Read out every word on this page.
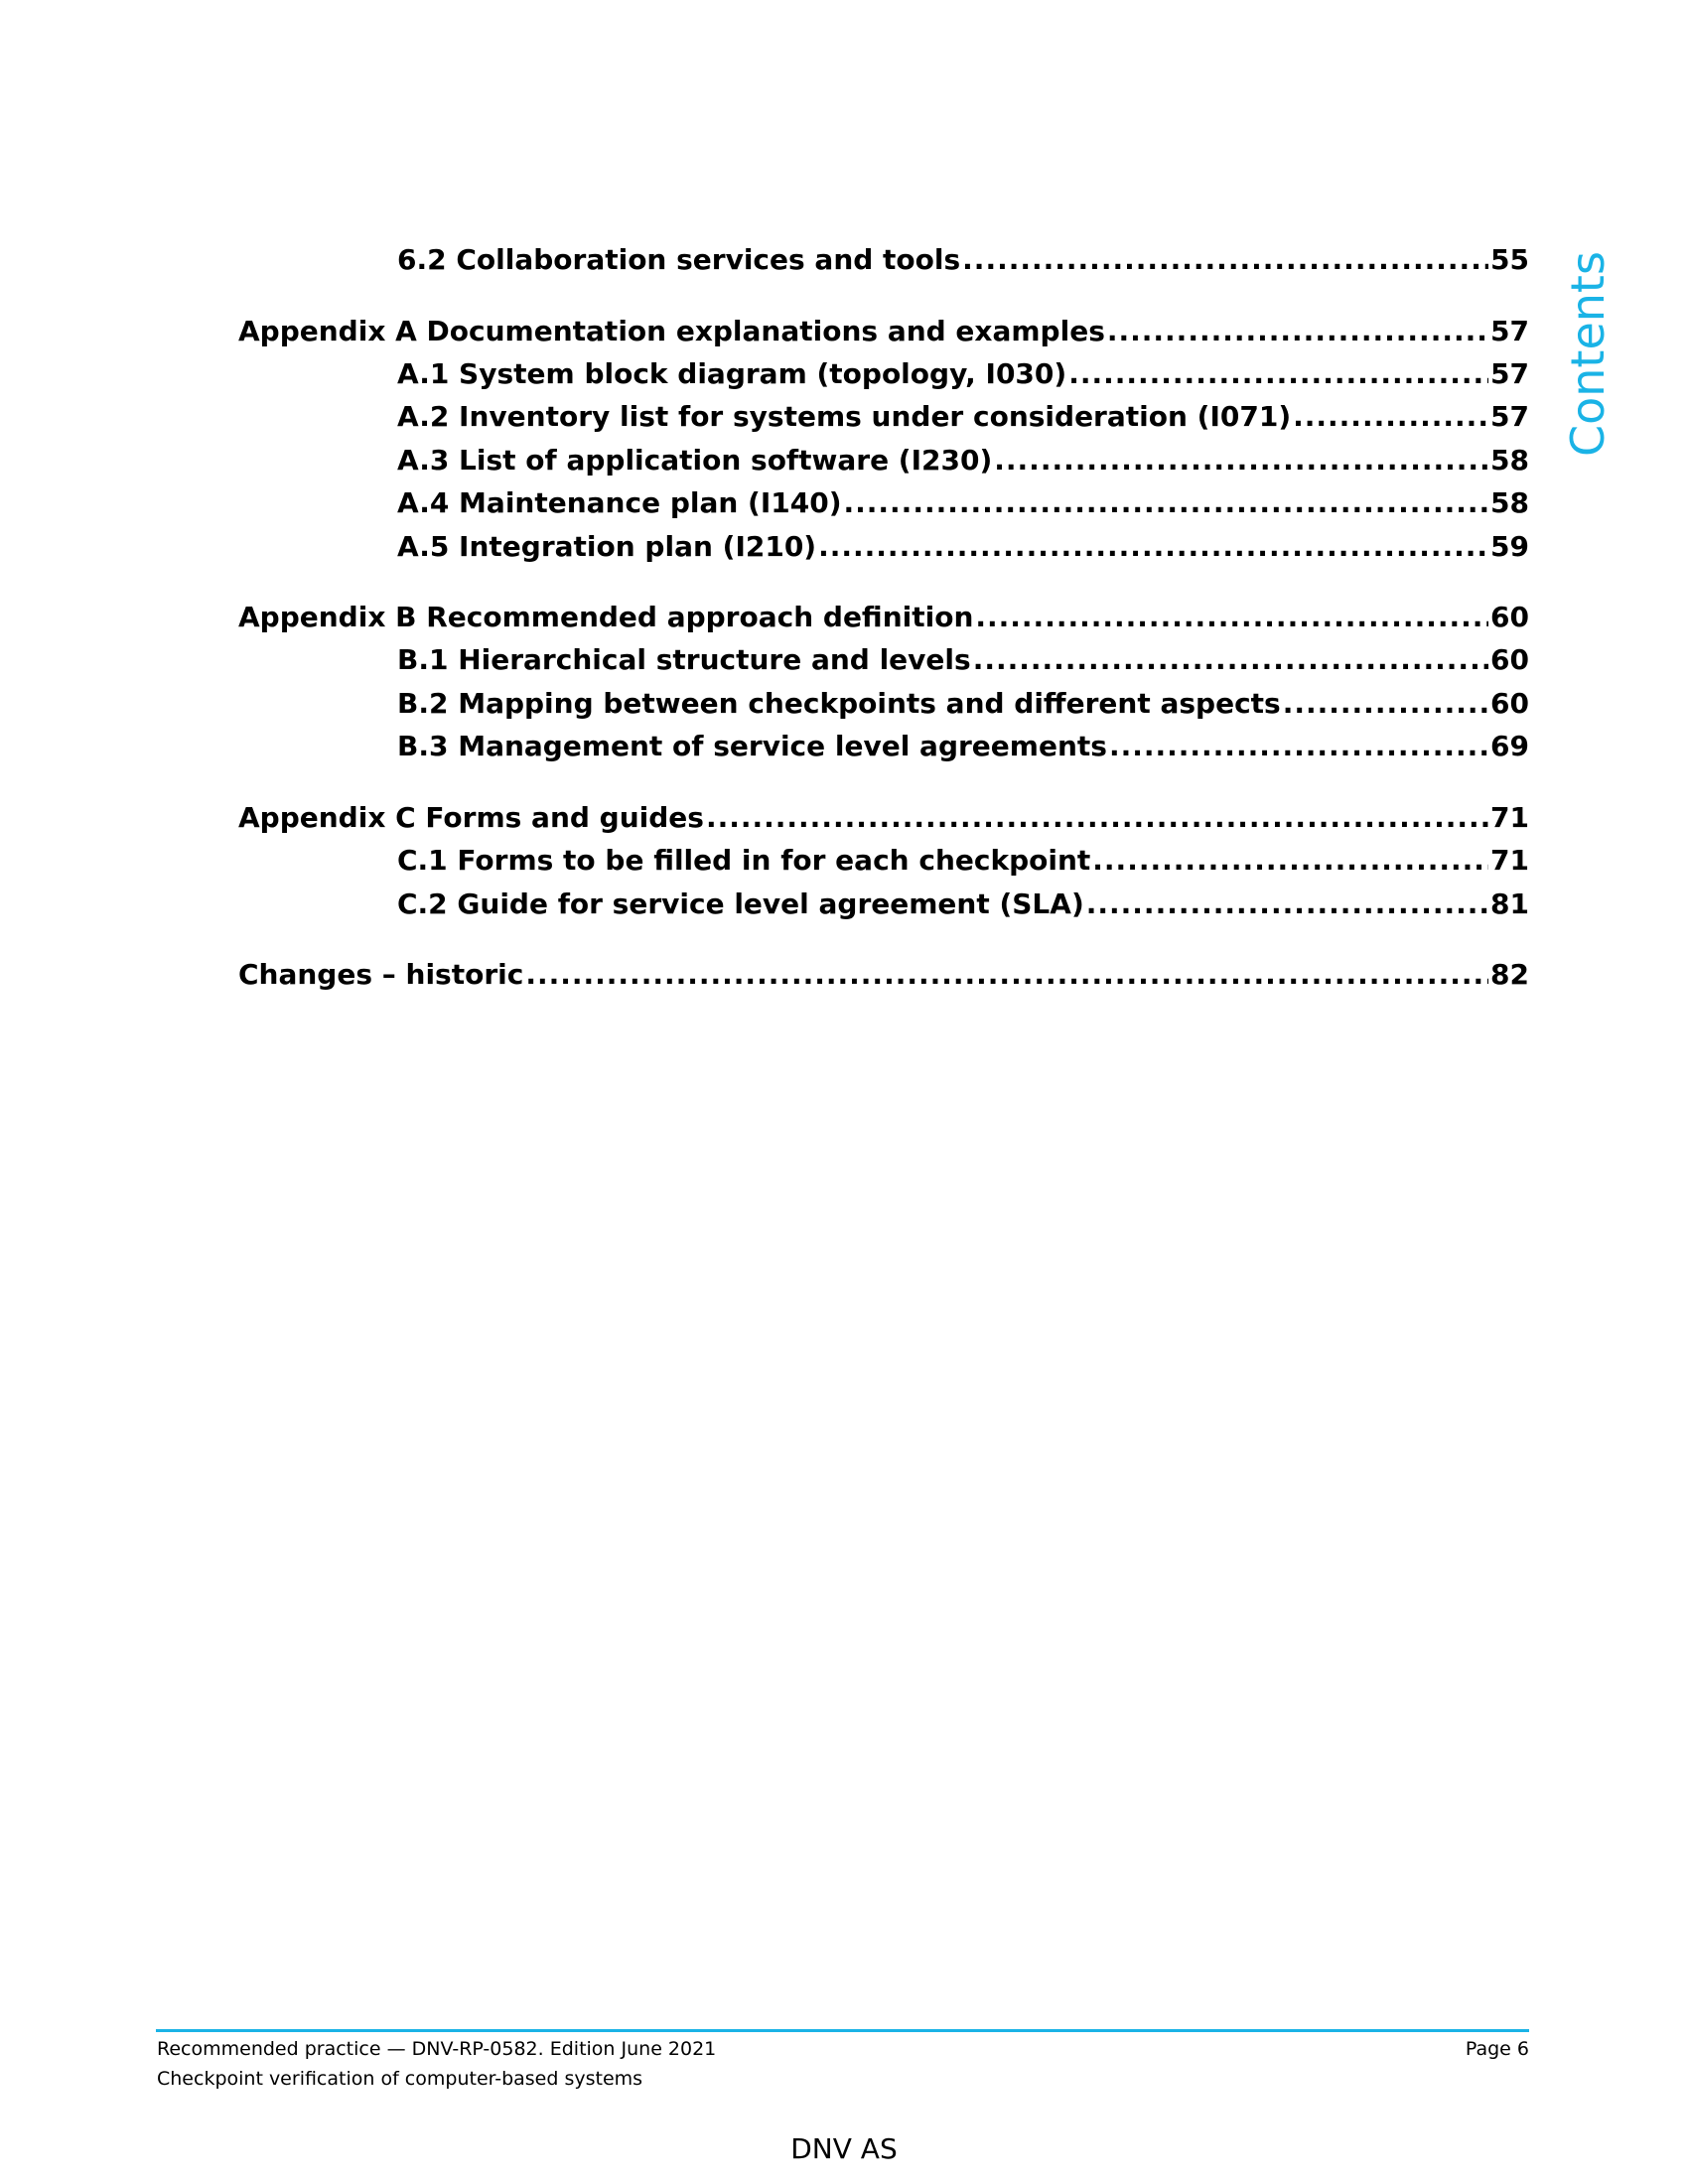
6.2 Collaboration services and tools .....	55
Appendix A Documentation explanations and examples .....	57
A.1 System block diagram (topology, I030) .....	57
A.2 Inventory list for systems under consideration (I071) .....	57
A.3 List of application software (I230) .....	58
A.4 Maintenance plan (I140) .....	58
A.5 Integration plan (I210) .....	59
Appendix B Recommended approach definition .....	60
B.1 Hierarchical structure and levels .....	60
B.2 Mapping between checkpoints and different aspects .....	60
B.3 Management of service level agreements .....	69
Appendix C Forms and guides .....	71
C.1 Forms to be filled in for each checkpoint .....	71
C.2 Guide for service level agreement (SLA) .....	81
Changes – historic .....	82
Contents
Recommended practice — DNV-RP-0582. Edition June 2021
Checkpoint verification of computer-based systems
Page 6
DNV AS
